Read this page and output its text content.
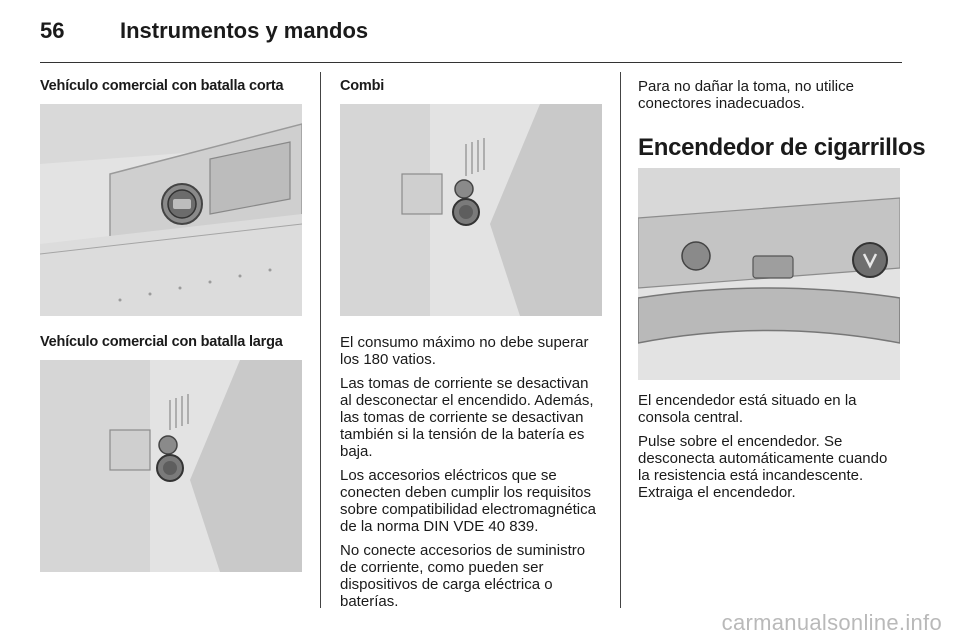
56	Instrumentos y mandos
Vehículo comercial con batalla corta
Vehículo comercial con batalla larga
Combi

El consumo máximo no debe superar los 180 vatios.

Las tomas de corriente se desactivan al desconectar el encendido. Además, las tomas de corriente se desactivan también si la tensión de la batería es baja.

Los accesorios eléctricos que se conecten deben cumplir los requisitos sobre compatibilidad electromagnética de la norma DIN VDE 40 839.

No conecte accesorios de suministro de corriente, como pueden ser dispositivos de carga eléctrica o baterías.

Para no dañar la toma, no utilice conectores inadecuados.
Encendedor de cigarrillos

El encendedor está situado en la consola central.

Pulse sobre el encendedor. Se desconecta automáticamente cuando la resistencia está incandescente. Extraiga el encendedor.

carmanualsonline.info
